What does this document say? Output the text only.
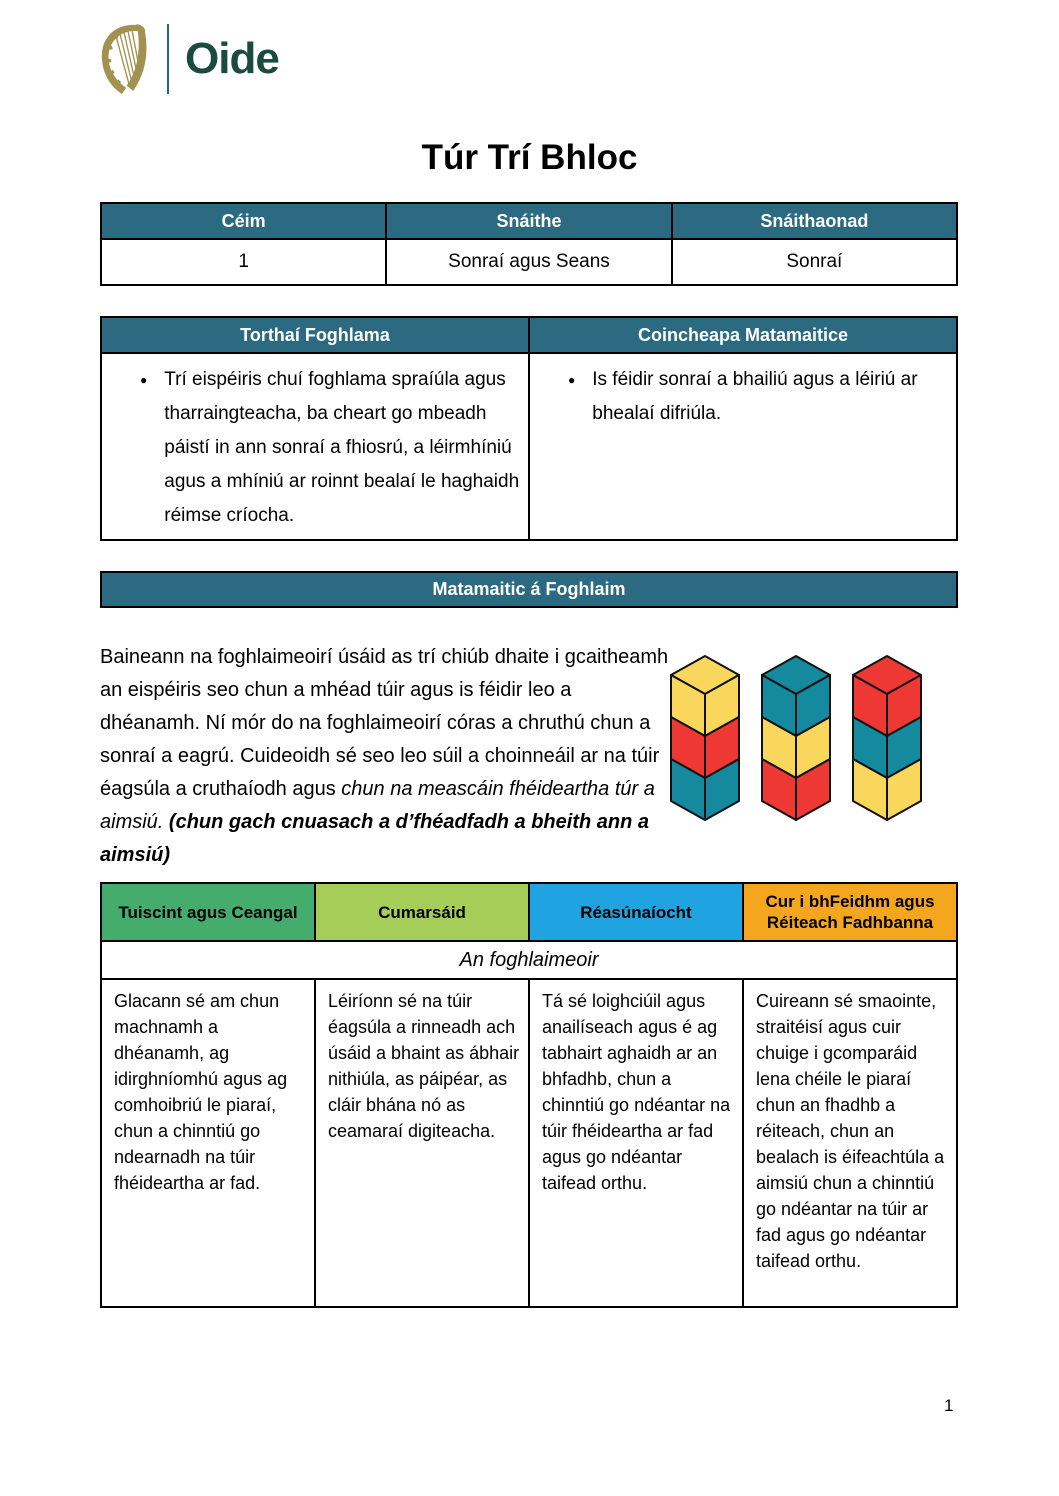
Oide
Túr Trí Bhloc
Céim	Snáithe	Snáithaonad
1	Sonraí agus Seans	Sonraí
Torthaí Foghlama	Coincheapa Matamaitice

● Trí eispéiris chuí foghlama spraíúla agus tharraingteacha, ba cheart go mbeadh páistí in ann sonraí a fhiosrú, a léirmhíniú agus a mhíniú ar roinnt bealaí le haghaidh réimse críocha.	● Is féidir sonraí a bhailiú agus a léiriú ar bhealaí difriúla.
Matamaitic á Foghlaim

Baineann na foghlaimeoirí úsáid as trí chiúb dhaite i gcaitheamh an eispéiris seo chun a mhéad túir agus is féidir leo a dhéanamh. Ní mór do na foghlaimeoirí córas a chruthú chun a sonraí a eagrú. Cuideoidh sé seo leo súil a choinneáil ar na túir éagsúla a cruthaíodh agus chun na meascáin fhéideartha túr a aimsiú. (chun gach cnuasach a d’fhéadfadh a bheith ann a aimsiú)

Tuiscint agus Ceangal	Cumarsáid	Réasúnaíocht	Cur i bhFeidhm agus Réiteach Fadhbanna
An foghlaimeoir			
Glacann sé am chun machnamh a dhéanamh, ag idirghníomhú agus ag comhoibriú le piaraí, chun a chinntiú go ndearnadh na túir fhéideartha ar fad.	Léiríonn sé na túir éagsúla a rinneadh ach úsáid a bhaint as ábhair nithiúla, as páipéar, as cláir bhána nó as ceamaraí digiteacha.	Tá sé loighciúil agus anailíseach agus é ag tabhairt aghaidh ar an bhfadhb, chun a chinntiú go ndéantar na túir fhéideartha ar fad agus go ndéantar taifead orthu.	Cuireann sé smaointe, straitéisí agus cuir chuige i gcomparáid lena chéile le piaraí chun an fhadhb a réiteach, chun an bealach is éifeachtúla a aimsiú chun a chinntiú go ndéantar na túir ar fad agus go ndéantar taifead orthu.
1
